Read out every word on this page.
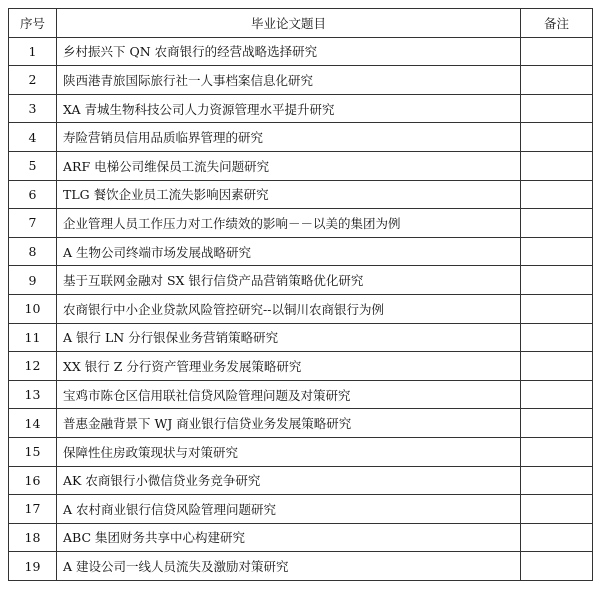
序号	毕业论文题目	备注
1	乡村振兴下 QN 农商银行的经营战略选择研究	
2	陕西港青旅国际旅行社一人事档案信息化研究	
3	XA 青城生物科技公司人力资源管理水平提升研究	
4	寿险营销员信用品质临界管理的研究	
5	ARF 电梯公司维保员工流失问题研究	
6	TLG 餐饮企业员工流失影响因素研究	
7	企业管理人员工作压力对工作绩效的影响－－以美的集团为例	
8	A 生物公司终端市场发展战略研究	
9	基于互联网金融对 SX 银行信贷产品营销策略优化研究	
10	农商银行中小企业贷款风险管控研究--以铜川农商银行为例	
11	A 银行 LN 分行银保业务营销策略研究	
12	XX 银行 Z 分行资产管理业务发展策略研究	
13	宝鸡市陈仓区信用联社信贷风险管理问题及对策研究	
14	普惠金融背景下 WJ 商业银行信贷业务发展策略研究	
15	保障性住房政策现状与对策研究	
16	AK 农商银行小微信贷业务竞争研究	
17	A 农村商业银行信贷风险管理问题研究	
18	ABC 集团财务共享中心构建研究	
19	A 建设公司一线人员流失及激励对策研究	
